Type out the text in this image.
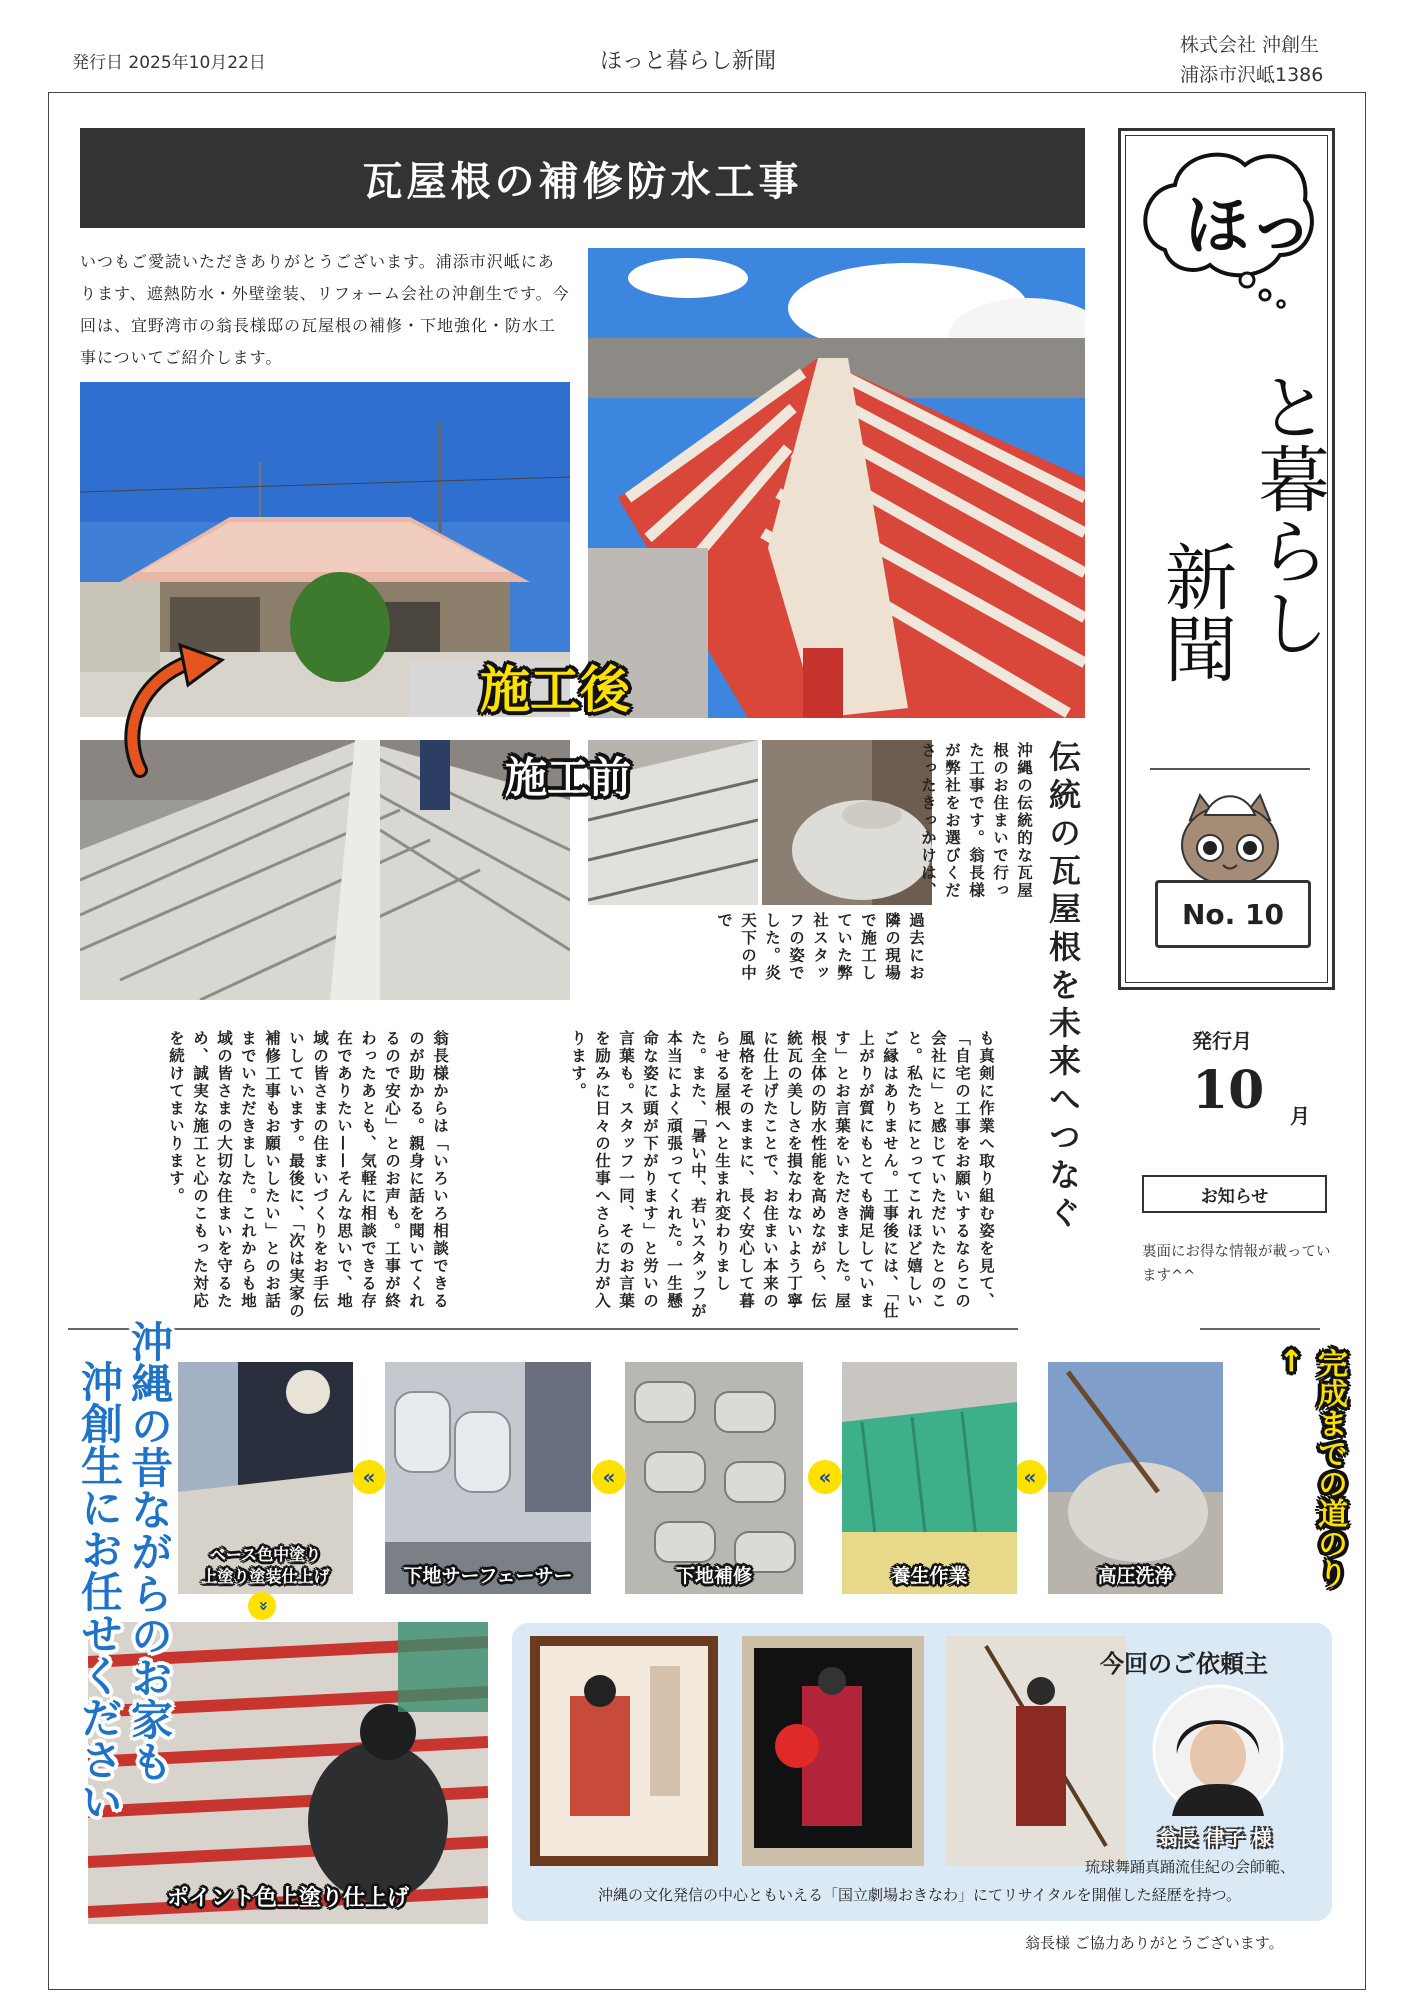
発行日 2025年10月22日	ほっと暮らし新聞
株式会社 沖創生
浦添市沢岻1386
瓦屋根の補修防水工事
いつもご愛読いただきありがとうございます。浦添市沢岻にあります、遮熱防水・外壁塗装、リフォーム会社の沖創生です。今回は、宜野湾市の翁長様邸の瓦屋根の補修・下地強化・防水工事についてご紹介します。
施工後
施工前	伝統の瓦屋根を未来へつなぐ
沖縄の伝統的な瓦屋根のお住まいで行った工事です。翁長様が弊社をお選びくださったきっかけは、
過去にお隣の現場で施工していた弊社スタッフの姿でした。炎天下の中で
も真剣に作業へ取り組む姿を見て、「自宅の工事をお願いするならこの会社に」と感じていただいたとのこと。私たちにとってこれほど嬉しいご縁はありません。工事後には、「仕上がりが質にもとても満足しています」とお言葉をいただきました。屋根全体の防水性能を高めながら、伝統瓦の美しさを損なわないよう丁寧に仕上げたことで、お住まい本来の風格をそのままに、長く安心して暮らせる屋根へと生まれ変わりました。また、「暑い中、若いスタッフが本当によく頑張ってくれた。一生懸命な姿に頭が下がります」と労いの言葉も。スタッフ一同、そのお言葉を励みに日々の仕事へさらに力が入ります。
翁長様からは「いろいろ相談できるのが助かる。親身に話を聞いてくれるので安心」とのお声も。工事が終わったあとも、気軽に相談できる存在でありたい——そんな思いで、地域の皆さまの住まいづくりをお手伝いしています。最後に、「次は実家の補修工事もお願いしたい」とのお話までいただきました。これからも地域の皆さまの大切な住まいを守るため、誠実な施工と心のこもった対応を続けてまいります。
ほっ
と暮らし
新聞
No. 10
発行月
10 月
お知らせ
裏面にお得な情報が載っています^^
完成までの道のり←
高圧洗浄
«
養生作業
«
下地補修
«
下地サーフェーサー
«
ベース色中塗り
上塗り塗装仕上げ
«
ポイント色上塗り仕上げ
沖縄の昔ながらのお家も
沖創生にお任せください	今回のご依頼主
翁長 律子 様
琉球舞踊真踊流佳紀の会師範、
沖縄の文化発信の中心ともいえる「国立劇場おきなわ」にてリサイタルを開催した経歴を持つ。
翁長様 ご協力ありがとうございます。
